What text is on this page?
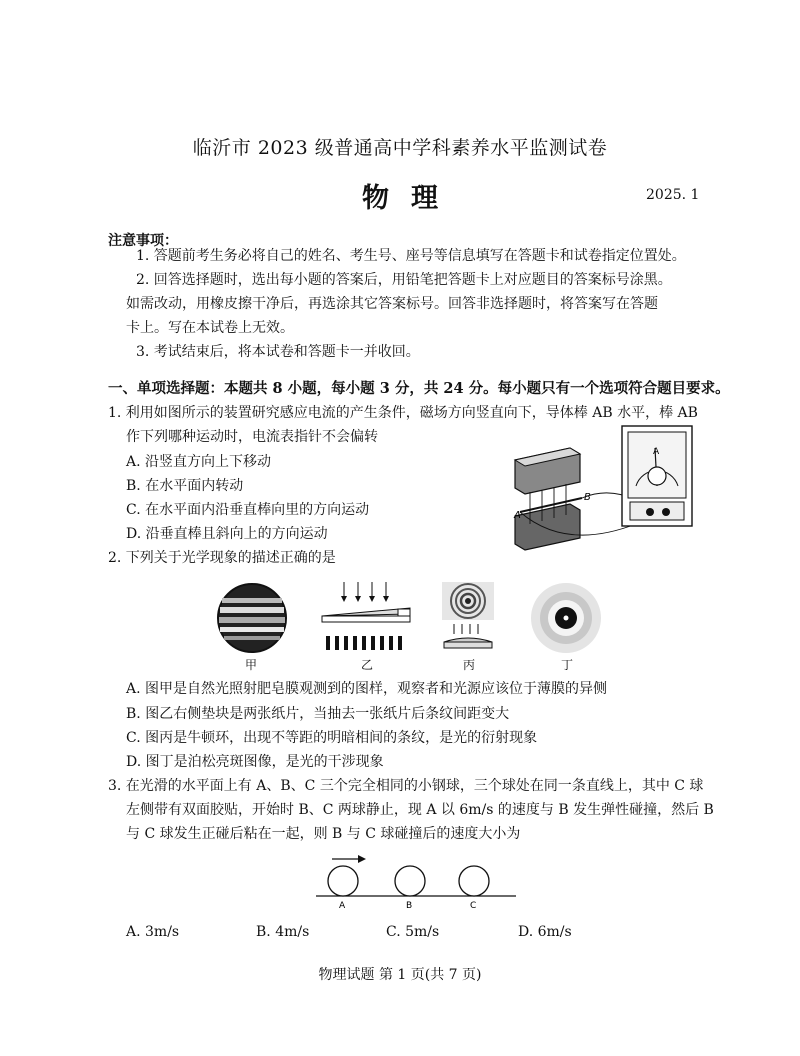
临沂市 2023 级普通高中学科素养水平监测试卷
物理	2025. 1
注意事项：
1. 答题前考生务必将自己的姓名、考生号、座号等信息填写在答题卡和试卷指定位置处。
2. 回答选择题时，选出每小题的答案后，用铅笔把答题卡上对应题目的答案标号涂黑。
如需改动，用橡皮擦干净后，再选涂其它答案标号。回答非选择题时，将答案写在答题
卡上。写在本试卷上无效。
3. 考试结束后，将本试卷和答题卡一并收回。
一、单项选择题：本题共 8 小题，每小题 3 分，共 24 分。每小题只有一个选项符合题目要求。
1. 利用如图所示的装置研究感应电流的产生条件，磁场方向竖直向下，导体棒 AB 水平，棒 AB
作下列哪种运动时，电流表指针不会偏转
A. 沿竖直方向上下移动
B. 在水平面内转动
C. 在水平面内沿垂直棒向里的方向运动
D. 沿垂直棒且斜向上的方向运动
A
B
A
2. 下列关于光学现象的描述正确的是
甲	乙	丙	丁
A. 图甲是自然光照射肥皂膜观测到的图样，观察者和光源应该位于薄膜的异侧
B. 图乙右侧垫块是两张纸片，当抽去一张纸片后条纹间距变大
C. 图丙是牛顿环，出现不等距的明暗相间的条纹，是光的衍射现象
D. 图丁是泊松亮斑图像，是光的干涉现象
3. 在光滑的水平面上有 A、B、C 三个完全相同的小钢球，三个球处在同一条直线上，其中 C 球
左侧带有双面胶贴，开始时 B、C 两球静止，现 A 以 6m/s 的速度与 B 发生弹性碰撞，然后 B
与 C 球发生正碰后粘在一起，则 B 与 C 球碰撞后的速度大小为
A	B	C
A. 3m/s	B. 4m/s	C. 5m/s	D. 6m/s
物理试题 第 1 页(共 7 页)
